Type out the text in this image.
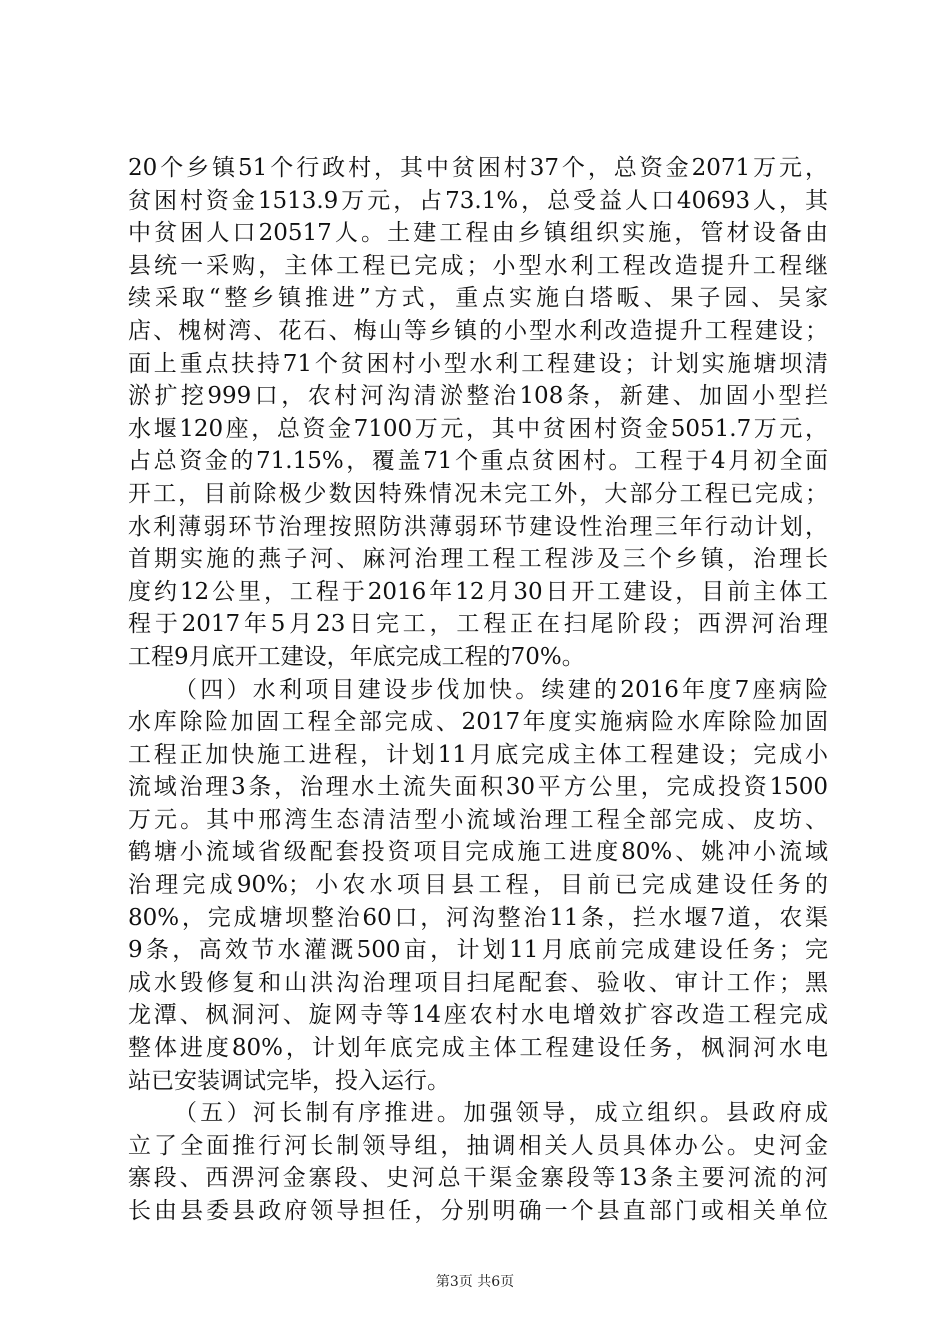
20个乡镇51个行政村，其中贫困村37个，总资金2071万元，
贫困村资金1513.9万元，占73.1%，总受益人口40693人，其
中贫困人口20517人。土建工程由乡镇组织实施，管材设备由
县统一采购，主体工程已完成；小型水利工程改造提升工程继
续采取“整乡镇推进”方式，重点实施白塔畈、果子园、吴家
店、槐树湾、花石、梅山等乡镇的小型水利改造提升工程建设；
面上重点扶持71个贫困村小型水利工程建设；计划实施塘坝清
淤扩挖999口，农村河沟清淤整治108条，新建、加固小型拦
水堰120座，总资金7100万元，其中贫困村资金5051.7万元，
占总资金的71.15%，覆盖71个重点贫困村。工程于4月初全面
开工，目前除极少数因特殊情况未完工外，大部分工程已完成；
水利薄弱环节治理按照防洪薄弱环节建设性治理三年行动计划，
首期实施的燕子河、麻河治理工程工程涉及三个乡镇，治理长
度约12公里，工程于2016年12月30日开工建设，目前主体工
程于2017年5月23日完工，工程正在扫尾阶段；西淠河治理
工程9月底开工建设，年底完成工程的70%。
（四）水利项目建设步伐加快。续建的2016年度7座病险
水库除险加固工程全部完成、2017年度实施病险水库除险加固
工程正加快施工进程，计划11月底完成主体工程建设；完成小
流域治理3条，治理水土流失面积30平方公里，完成投资1500
万元。其中邢湾生态清洁型小流域治理工程全部完成、皮坊、
鹤塘小流域省级配套投资项目完成施工进度80%、姚冲小流域
治理完成90%；小农水项目县工程，目前已完成建设任务的
80%，完成塘坝整治60口，河沟整治11条，拦水堰7道，农渠
9条，高效节水灌溉500亩，计划11月底前完成建设任务；完
成水毁修复和山洪沟治理项目扫尾配套、验收、审计工作；黑
龙潭、枫洞河、旋网寺等14座农村水电增效扩容改造工程完成
整体进度80%，计划年底完成主体工程建设任务，枫洞河水电
站已安装调试完毕，投入运行。
（五）河长制有序推进。加强领导，成立组织。县政府成
立了全面推行河长制领导组，抽调相关人员具体办公。史河金
寨段、西淠河金寨段、史河总干渠金寨段等13条主要河流的河
长由县委县政府领导担任，分别明确一个县直部门或相关单位
第3页 共6页
